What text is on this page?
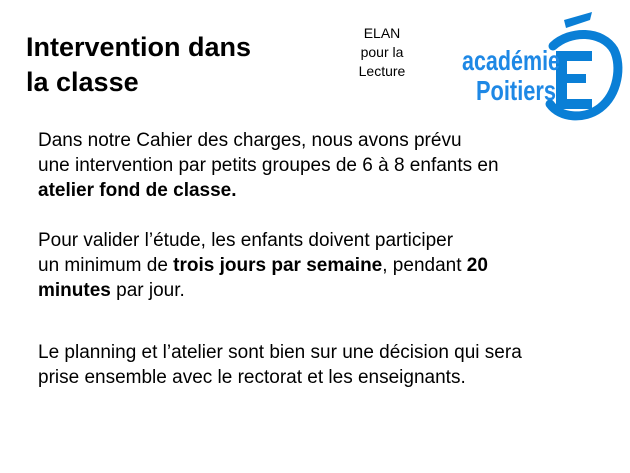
Intervention dans
la classe
ELAN
pour la
Lecture	académie
Poitiers
Dans notre Cahier des charges, nous avons prévu
une intervention par petits groupes de 6 à 8 enfants en
atelier fond de classe.
Pour valider l’étude, les enfants doivent participer
un minimum de trois jours par semaine, pendant 20
minutes par jour.
Le planning et l’atelier sont bien sur une décision qui sera
prise ensemble avec le rectorat et les enseignants.
